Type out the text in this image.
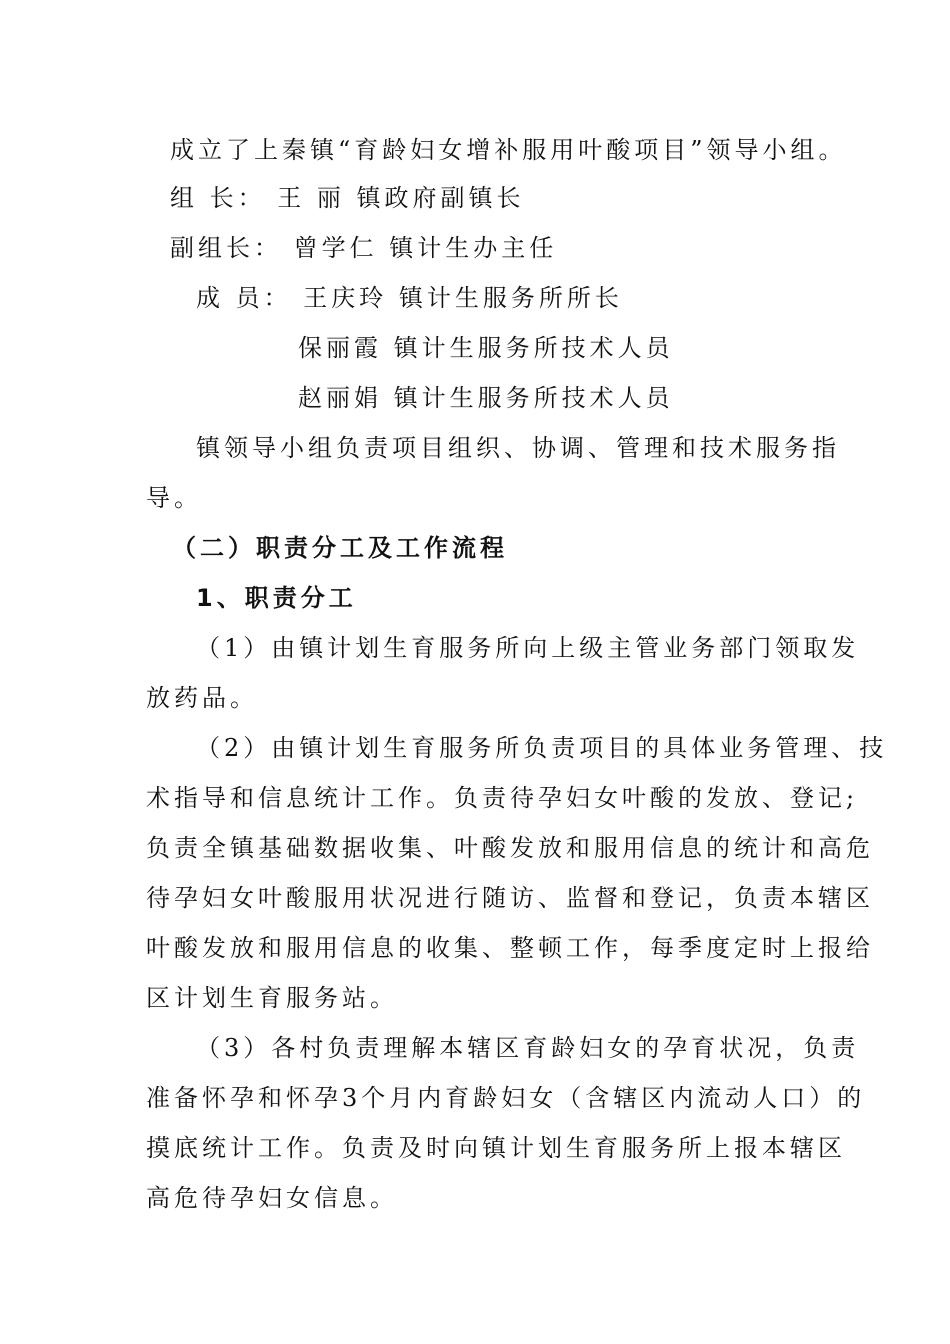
成立了上秦镇“育龄妇女增补服用叶酸项目”领导小组。

组 长： 王 丽 镇政府副镇长

副组长： 曾学仁 镇计生办主任

成 员： 王庆玲 镇计生服务所所长

保丽霞 镇计生服务所技术人员

赵丽娟 镇计生服务所技术人员

镇领导小组负责项目组织、协调、管理和技术服务指

导。

（二）职责分工及工作流程

1、职责分工

（1）由镇计划生育服务所向上级主管业务部门领取发

放药品。

（2）由镇计划生育服务所负责项目的具体业务管理、技

术指导和信息统计工作。负责待孕妇女叶酸的发放、登记;

负责全镇基础数据收集、叶酸发放和服用信息的统计和高危

待孕妇女叶酸服用状况进行随访、监督和登记，负责本辖区

叶酸发放和服用信息的收集、整顿工作，每季度定时上报给

区计划生育服务站。

（3）各村负责理解本辖区育龄妇女的孕育状况，负责

准备怀孕和怀孕3个月内育龄妇女（含辖区内流动人口）的

摸底统计工作。负责及时向镇计划生育服务所上报本辖区

高危待孕妇女信息。
